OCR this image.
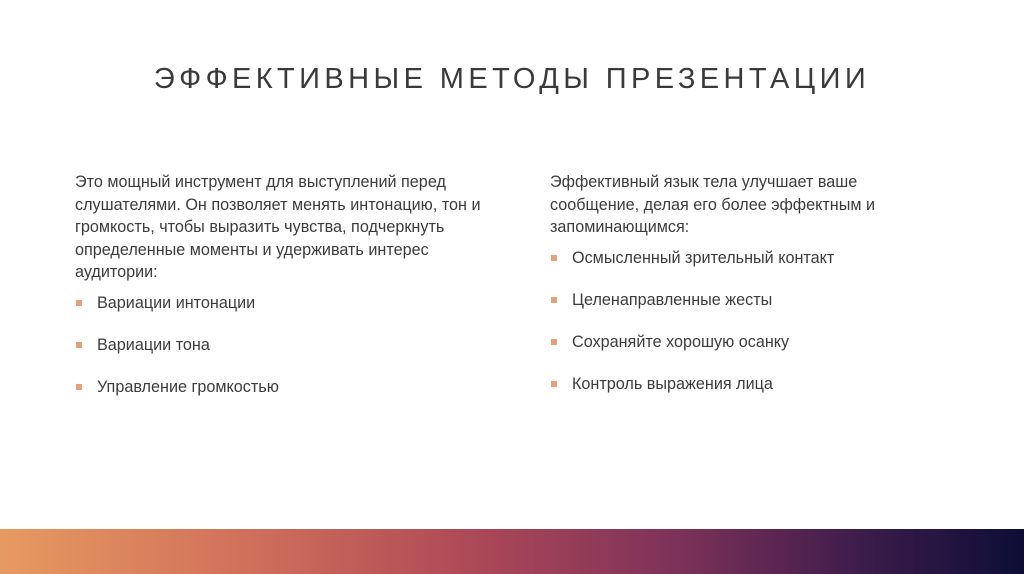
ЭФФЕКТИВНЫЕ МЕТОДЫ ПРЕЗЕНТАЦИИ

Это мощный инструмент для выступлений перед слушателями. Он позволяет менять интонацию, тон и громкость, чтобы выразить чувства, подчеркнуть определенные моменты и удерживать интерес аудитории:

Вариации интонации
Вариации тона
Управление громкостью

Эффективный язык тела улучшает ваше сообщение, делая его более эффектным и запоминающимся:

Осмысленный зрительный контакт
Целенаправленные жесты
Сохраняйте хорошую осанку
Контроль выражения лица
